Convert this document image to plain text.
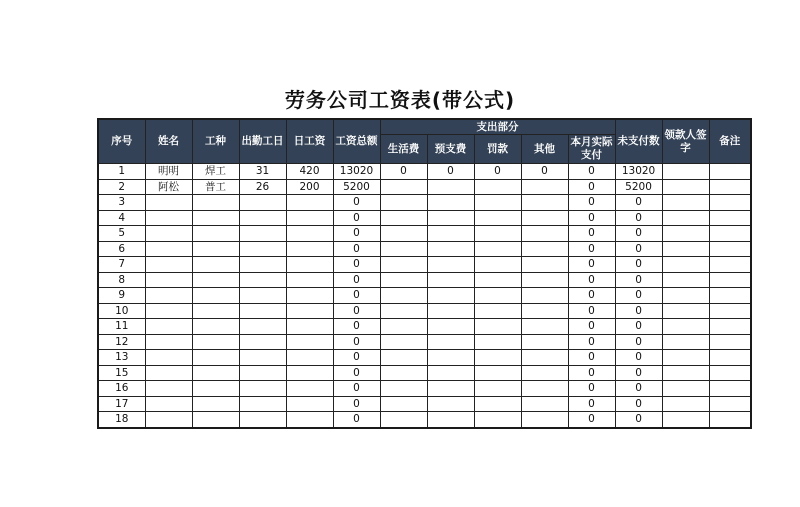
劳务公司工资表(带公式)
序号	姓名	工种	出勤工日	日工资	工资总额	支出部分					未支付数	领款人签字	备注
						生活费	预支费	罚款	其他	本月实际支付			
1	明明	焊工	31	420	13020	0	0	0	0	0	13020		
2	阿松	普工	26	200	5200					0	5200		
3					0					0	0		
4					0					0	0		
5					0					0	0		
6					0					0	0		
7					0					0	0		
8					0					0	0		
9					0					0	0		
10					0					0	0		
11					0					0	0		
12					0					0	0		
13					0					0	0		
15					0					0	0		
16					0					0	0		
17					0					0	0		
18					0					0	0		
